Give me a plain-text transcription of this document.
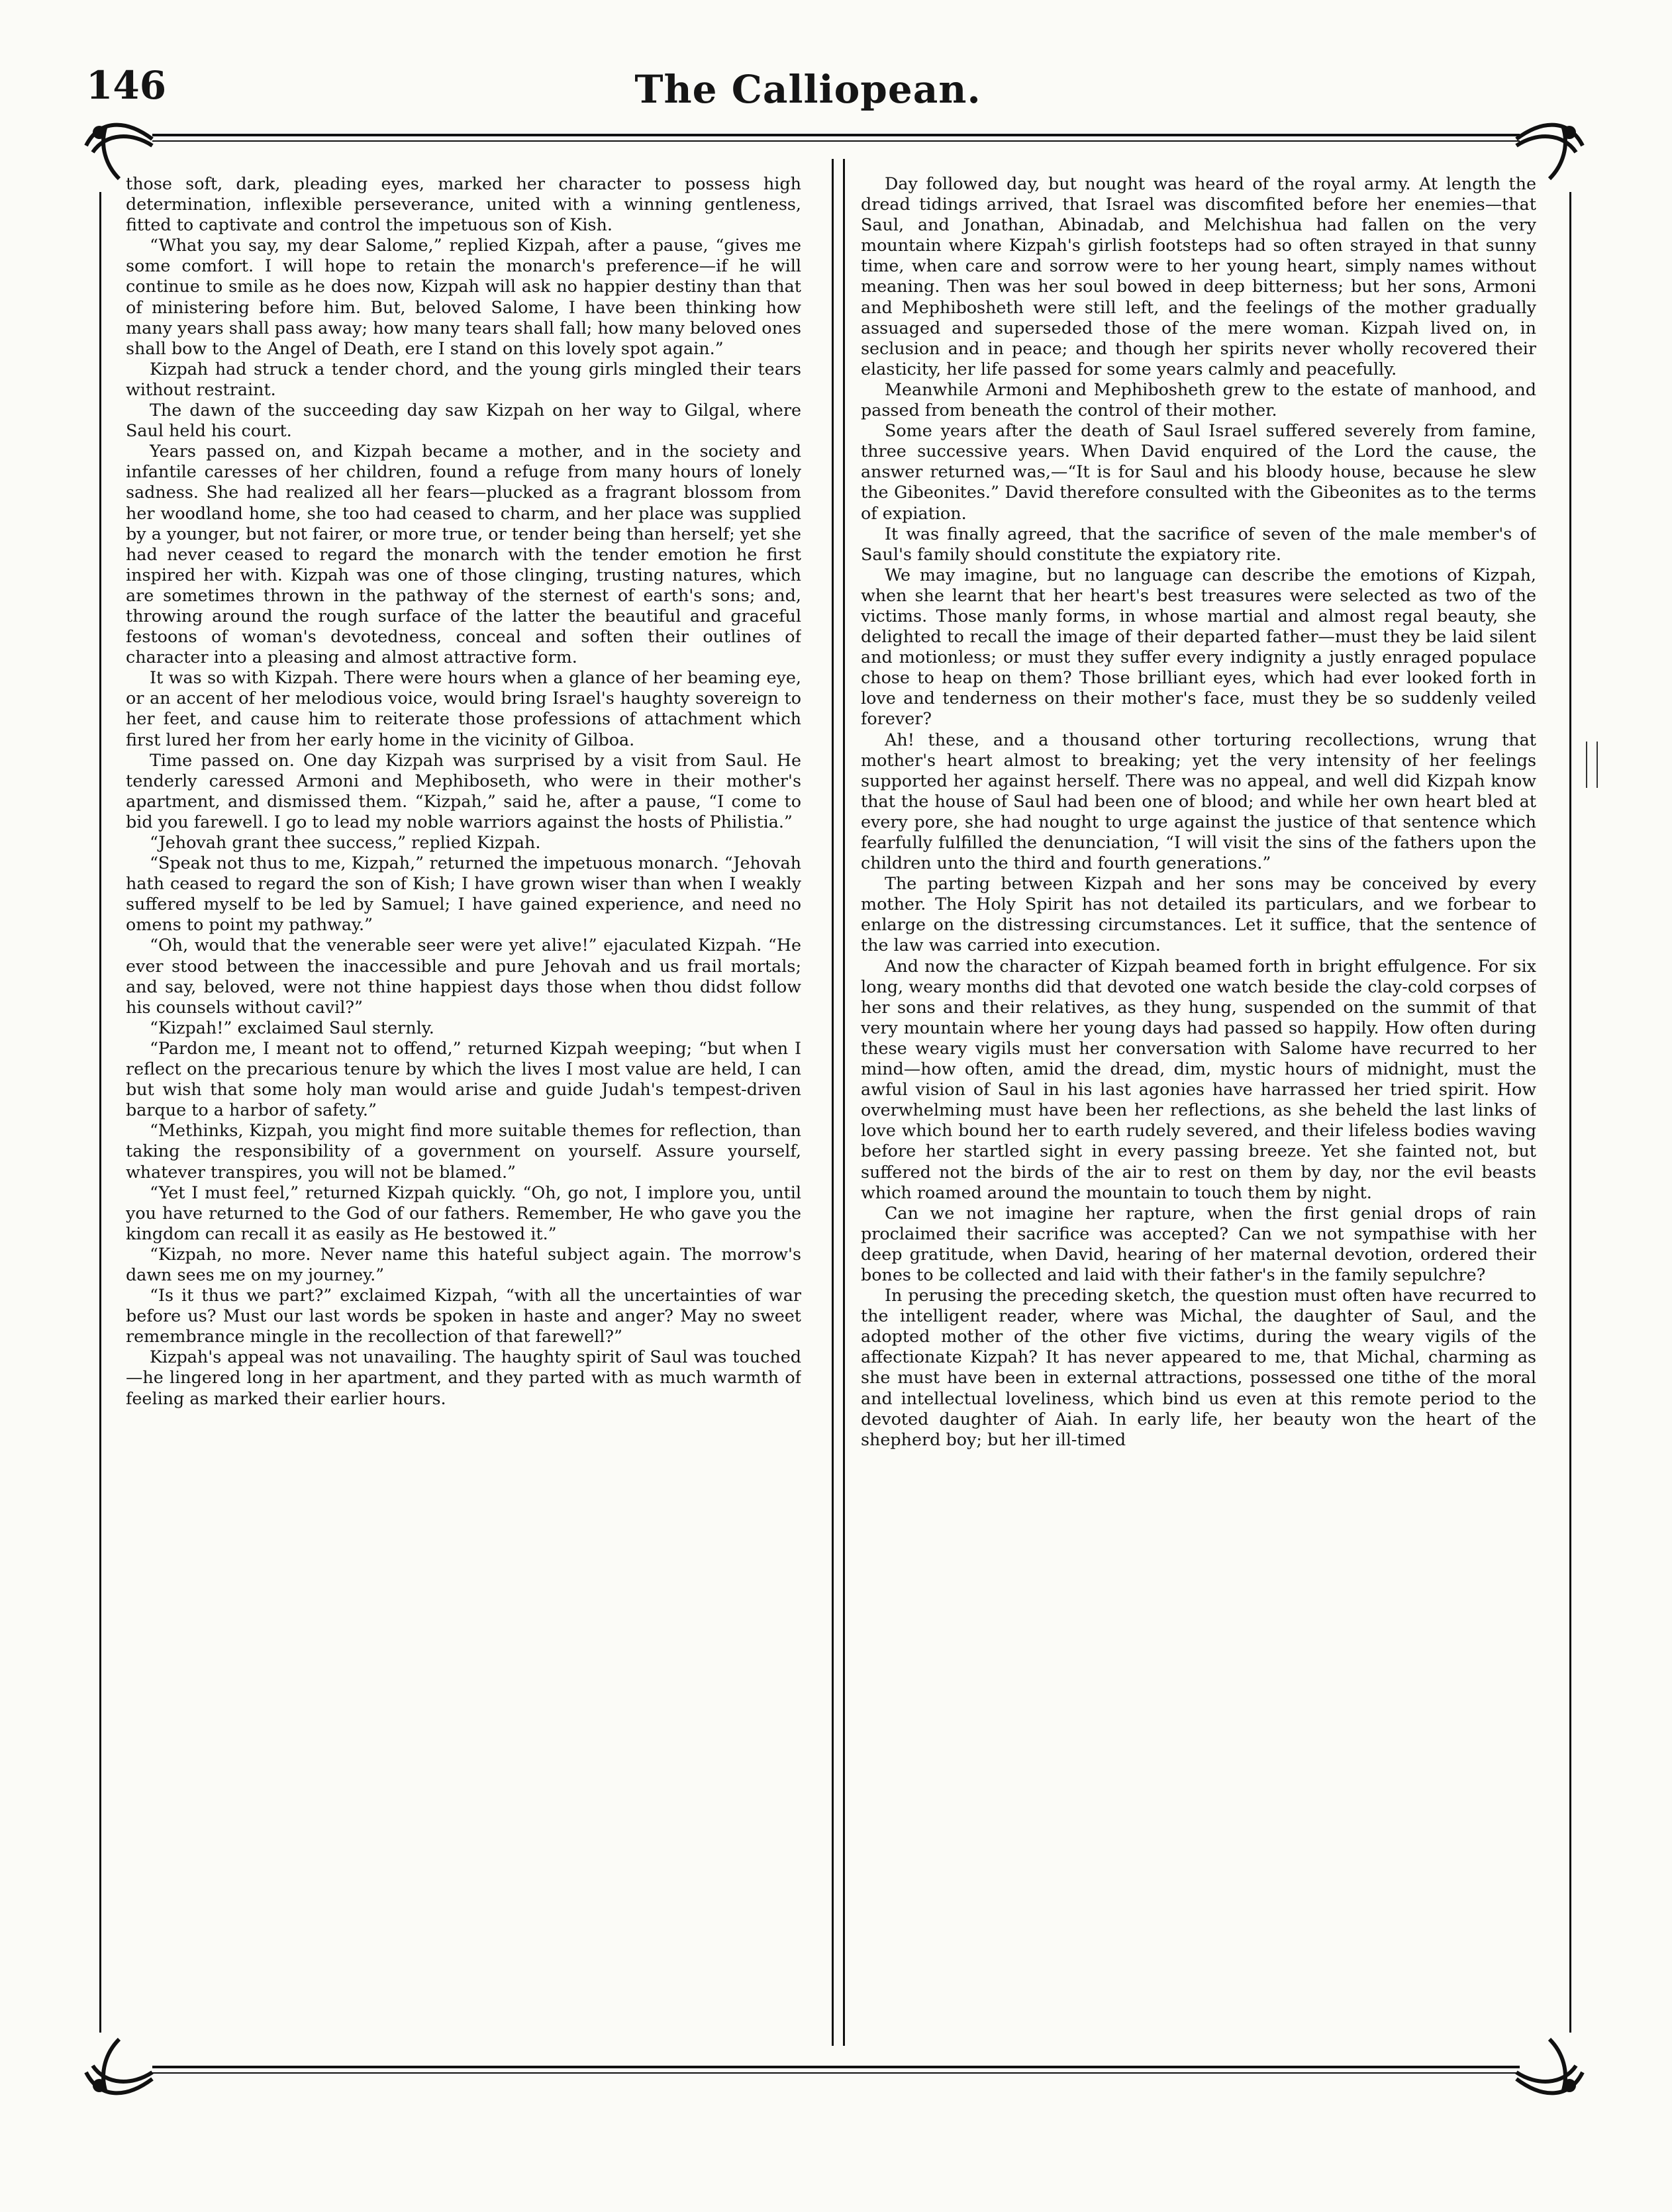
146	The Calliopean.

those soft, dark, pleading eyes, marked her character to possess high determination, inflexible perseverance, united with a winning gentleness, fitted to captivate and control the impetuous son of Kish.

“What you say, my dear Salome,” replied Kizpah, after a pause, “gives me some comfort. I will hope to retain the monarch's preference—if he will continue to smile as he does now, Kizpah will ask no happier destiny than that of ministering before him. But, beloved Salome, I have been thinking how many years shall pass away; how many tears shall fall; how many beloved ones shall bow to the Angel of Death, ere I stand on this lovely spot again.”

Kizpah had struck a tender chord, and the young girls mingled their tears without restraint.

The dawn of the succeeding day saw Kizpah on her way to Gilgal, where Saul held his court.

Years passed on, and Kizpah became a mother, and in the society and infantile caresses of her children, found a refuge from many hours of lonely sadness. She had realized all her fears—plucked as a fragrant blossom from her woodland home, she too had ceased to charm, and her place was supplied by a younger, but not fairer, or more true, or tender being than herself; yet she had never ceased to regard the monarch with the tender emotion he first inspired her with. Kizpah was one of those clinging, trusting natures, which are sometimes thrown in the pathway of the sternest of earth's sons; and, throwing around the rough surface of the latter the beautiful and graceful festoons of woman's devotedness, conceal and soften their outlines of character into a pleasing and almost attractive form.

It was so with Kizpah. There were hours when a glance of her beaming eye, or an accent of her melodious voice, would bring Israel's haughty sovereign to her feet, and cause him to reiterate those professions of attachment which first lured her from her early home in the vicinity of Gilboa.

Time passed on. One day Kizpah was surprised by a visit from Saul. He tenderly caressed Armoni and Mephiboseth, who were in their mother's apartment, and dismissed them. “Kizpah,” said he, after a pause, “I come to bid you farewell. I go to lead my noble warriors against the hosts of Philistia.”

“Jehovah grant thee success,” replied Kizpah.

“Speak not thus to me, Kizpah,” returned the impetuous monarch. “Jehovah hath ceased to regard the son of Kish; I have grown wiser than when I weakly suffered myself to be led by Samuel; I have gained experience, and need no omens to point my pathway.”

“Oh, would that the venerable seer were yet alive!” ejaculated Kizpah. “He ever stood between the inaccessible and pure Jehovah and us frail mortals; and say, beloved, were not thine happiest days those when thou didst follow his counsels without cavil?”

“Kizpah!” exclaimed Saul sternly.

“Pardon me, I meant not to offend,” returned Kizpah weeping; “but when I reflect on the precarious tenure by which the lives I most value are held, I can but wish that some holy man would arise and guide Judah's tempest-driven barque to a harbor of safety.”

“Methinks, Kizpah, you might find more suitable themes for reflection, than taking the responsibility of a government on yourself. Assure yourself, whatever transpires, you will not be blamed.”

“Yet I must feel,” returned Kizpah quickly. “Oh, go not, I implore you, until you have returned to the God of our fathers. Remember, He who gave you the kingdom can recall it as easily as He bestowed it.”

“Kizpah, no more. Never name this hateful subject again. The morrow's dawn sees me on my journey.”

“Is it thus we part?” exclaimed Kizpah, “with all the uncertainties of war before us? Must our last words be spoken in haste and anger? May no sweet remembrance mingle in the recollection of that farewell?”

Kizpah's appeal was not unavailing. The haughty spirit of Saul was touched—he lingered long in her apartment, and they parted with as much warmth of feeling as marked their earlier hours.

Day followed day, but nought was heard of the royal army. At length the dread tidings arrived, that Israel was discomfited before her enemies—that Saul, and Jonathan, Abinadab, and Melchishua had fallen on the very mountain where Kizpah's girlish footsteps had so often strayed in that sunny time, when care and sorrow were to her young heart, simply names without meaning. Then was her soul bowed in deep bitterness; but her sons, Armoni and Mephibosheth were still left, and the feelings of the mother gradually assuaged and superseded those of the mere woman. Kizpah lived on, in seclusion and in peace; and though her spirits never wholly recovered their elasticity, her life passed for some years calmly and peacefully.

Meanwhile Armoni and Mephibosheth grew to the estate of manhood, and passed from beneath the control of their mother.

Some years after the death of Saul Israel suffered severely from famine, three successive years. When David enquired of the Lord the cause, the answer returned was,—“It is for Saul and his bloody house, because he slew the Gibeonites.” David therefore consulted with the Gibeonites as to the terms of expiation.

It was finally agreed, that the sacrifice of seven of the male member's of Saul's family should constitute the expiatory rite.

We may imagine, but no language can describe the emotions of Kizpah, when she learnt that her heart's best treasures were selected as two of the victims. Those manly forms, in whose martial and almost regal beauty, she delighted to recall the image of their departed father—must they be laid silent and motionless; or must they suffer every indignity a justly enraged populace chose to heap on them? Those brilliant eyes, which had ever looked forth in love and tenderness on their mother's face, must they be so suddenly veiled forever?

Ah! these, and a thousand other torturing recollections, wrung that mother's heart almost to breaking; yet the very intensity of her feelings supported her against herself. There was no appeal, and well did Kizpah know that the house of Saul had been one of blood; and while her own heart bled at every pore, she had nought to urge against the justice of that sentence which fearfully fulfilled the denunciation, “I will visit the sins of the fathers upon the children unto the third and fourth generations.”

The parting between Kizpah and her sons may be conceived by every mother. The Holy Spirit has not detailed its particulars, and we forbear to enlarge on the distressing circumstances. Let it suffice, that the sentence of the law was carried into execution.

And now the character of Kizpah beamed forth in bright effulgence. For six long, weary months did that devoted one watch beside the clay-cold corpses of her sons and their relatives, as they hung, suspended on the summit of that very mountain where her young days had passed so happily. How often during these weary vigils must her conversation with Salome have recurred to her mind—how often, amid the dread, dim, mystic hours of midnight, must the awful vision of Saul in his last agonies have harrassed her tried spirit. How overwhelming must have been her reflections, as she beheld the last links of love which bound her to earth rudely severed, and their lifeless bodies waving before her startled sight in every passing breeze. Yet she fainted not, but suffered not the birds of the air to rest on them by day, nor the evil beasts which roamed around the mountain to touch them by night.

Can we not imagine her rapture, when the first genial drops of rain proclaimed their sacrifice was accepted? Can we not sympathise with her deep gratitude, when David, hearing of her maternal devotion, ordered their bones to be collected and laid with their father's in the family sepulchre?

In perusing the preceding sketch, the question must often have recurred to the intelligent reader, where was Michal, the daughter of Saul, and the adopted mother of the other five victims, during the weary vigils of the affectionate Kizpah? It has never appeared to me, that Michal, charming as she must have been in external attractions, possessed one tithe of the moral and intellectual loveliness, which bind us even at this remote period to the devoted daughter of Aiah. In early life, her beauty won the heart of the shepherd boy; but her ill-timed
